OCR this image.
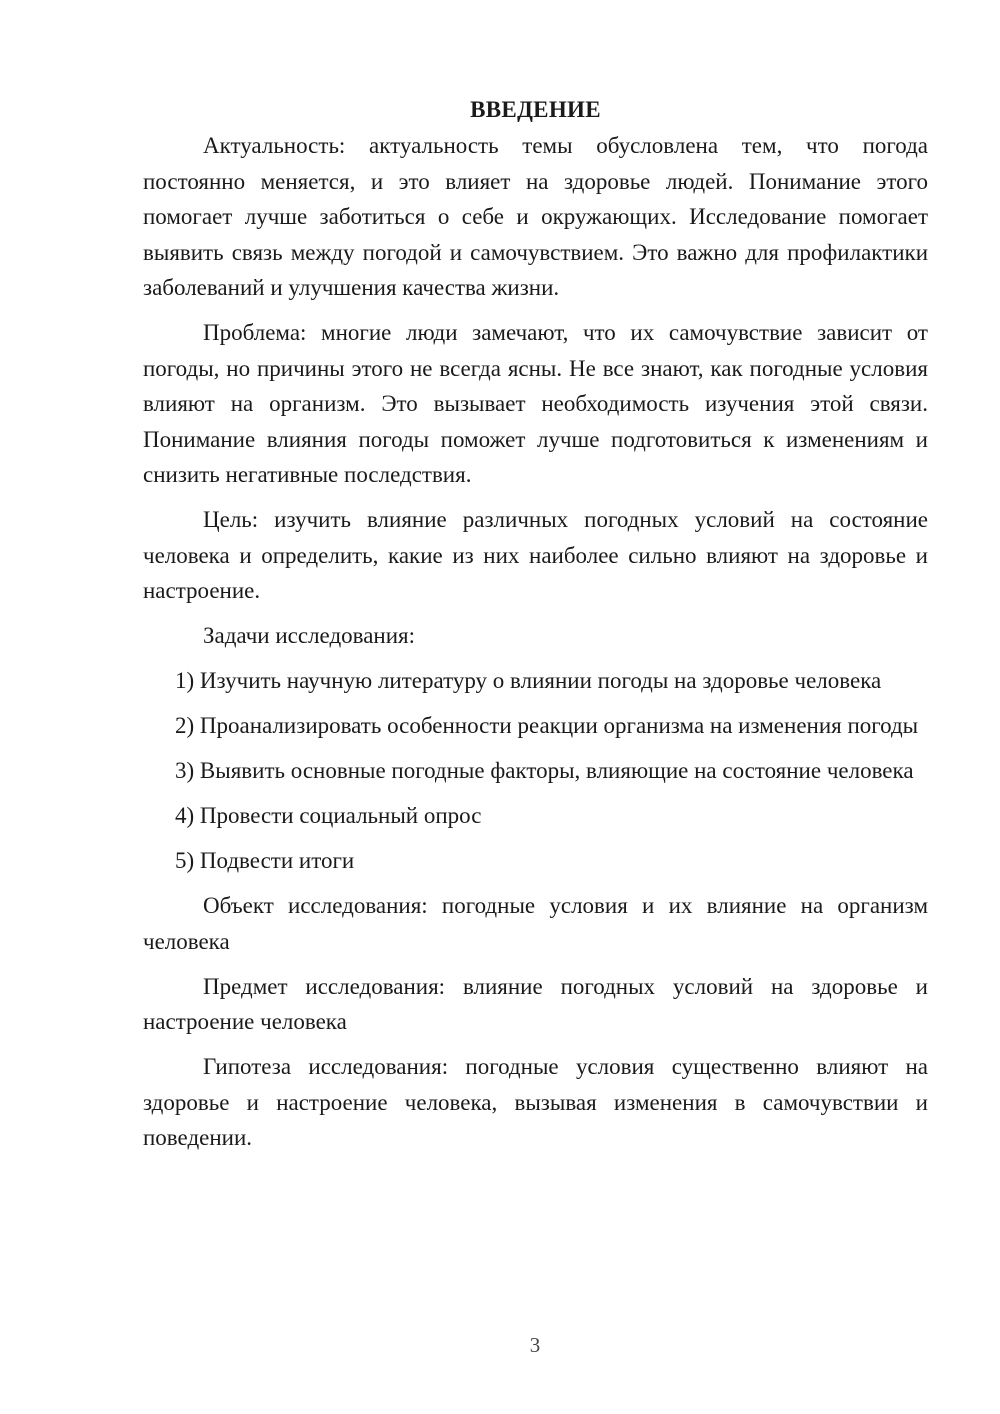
ВВЕДЕНИЕ

Актуальность: актуальность темы обусловлена тем, что погода постоянно меняется, и это влияет на здоровье людей. Понимание этого помогает лучше заботиться о себе и окружающих. Исследование помогает выявить связь между погодой и самочувствием. Это важно для профилактики заболеваний и улучшения качества жизни.

Проблема: многие люди замечают, что их самочувствие зависит от погоды, но причины этого не всегда ясны. Не все знают, как погодные условия влияют на организм. Это вызывает необходимость изучения этой связи. Понимание влияния погоды поможет лучше подготовиться к изменениям и снизить негативные последствия.

Цель: изучить влияние различных погодных условий на состояние человека и определить, какие из них наиболее сильно влияют на здоровье и настроение.

Задачи исследования:

1) Изучить научную литературу о влиянии погоды на здоровье человека

2) Проанализировать особенности реакции организма на изменения погоды

3) Выявить основные погодные факторы, влияющие на состояние человека

4) Провести социальный опрос

5) Подвести итоги

Объект исследования: погодные условия и их влияние на организм человека

Предмет исследования: влияние погодных условий на здоровье и настроение человека

Гипотеза исследования: погодные условия существенно влияют на здоровье и настроение человека, вызывая изменения в самочувствии и поведении.

3
